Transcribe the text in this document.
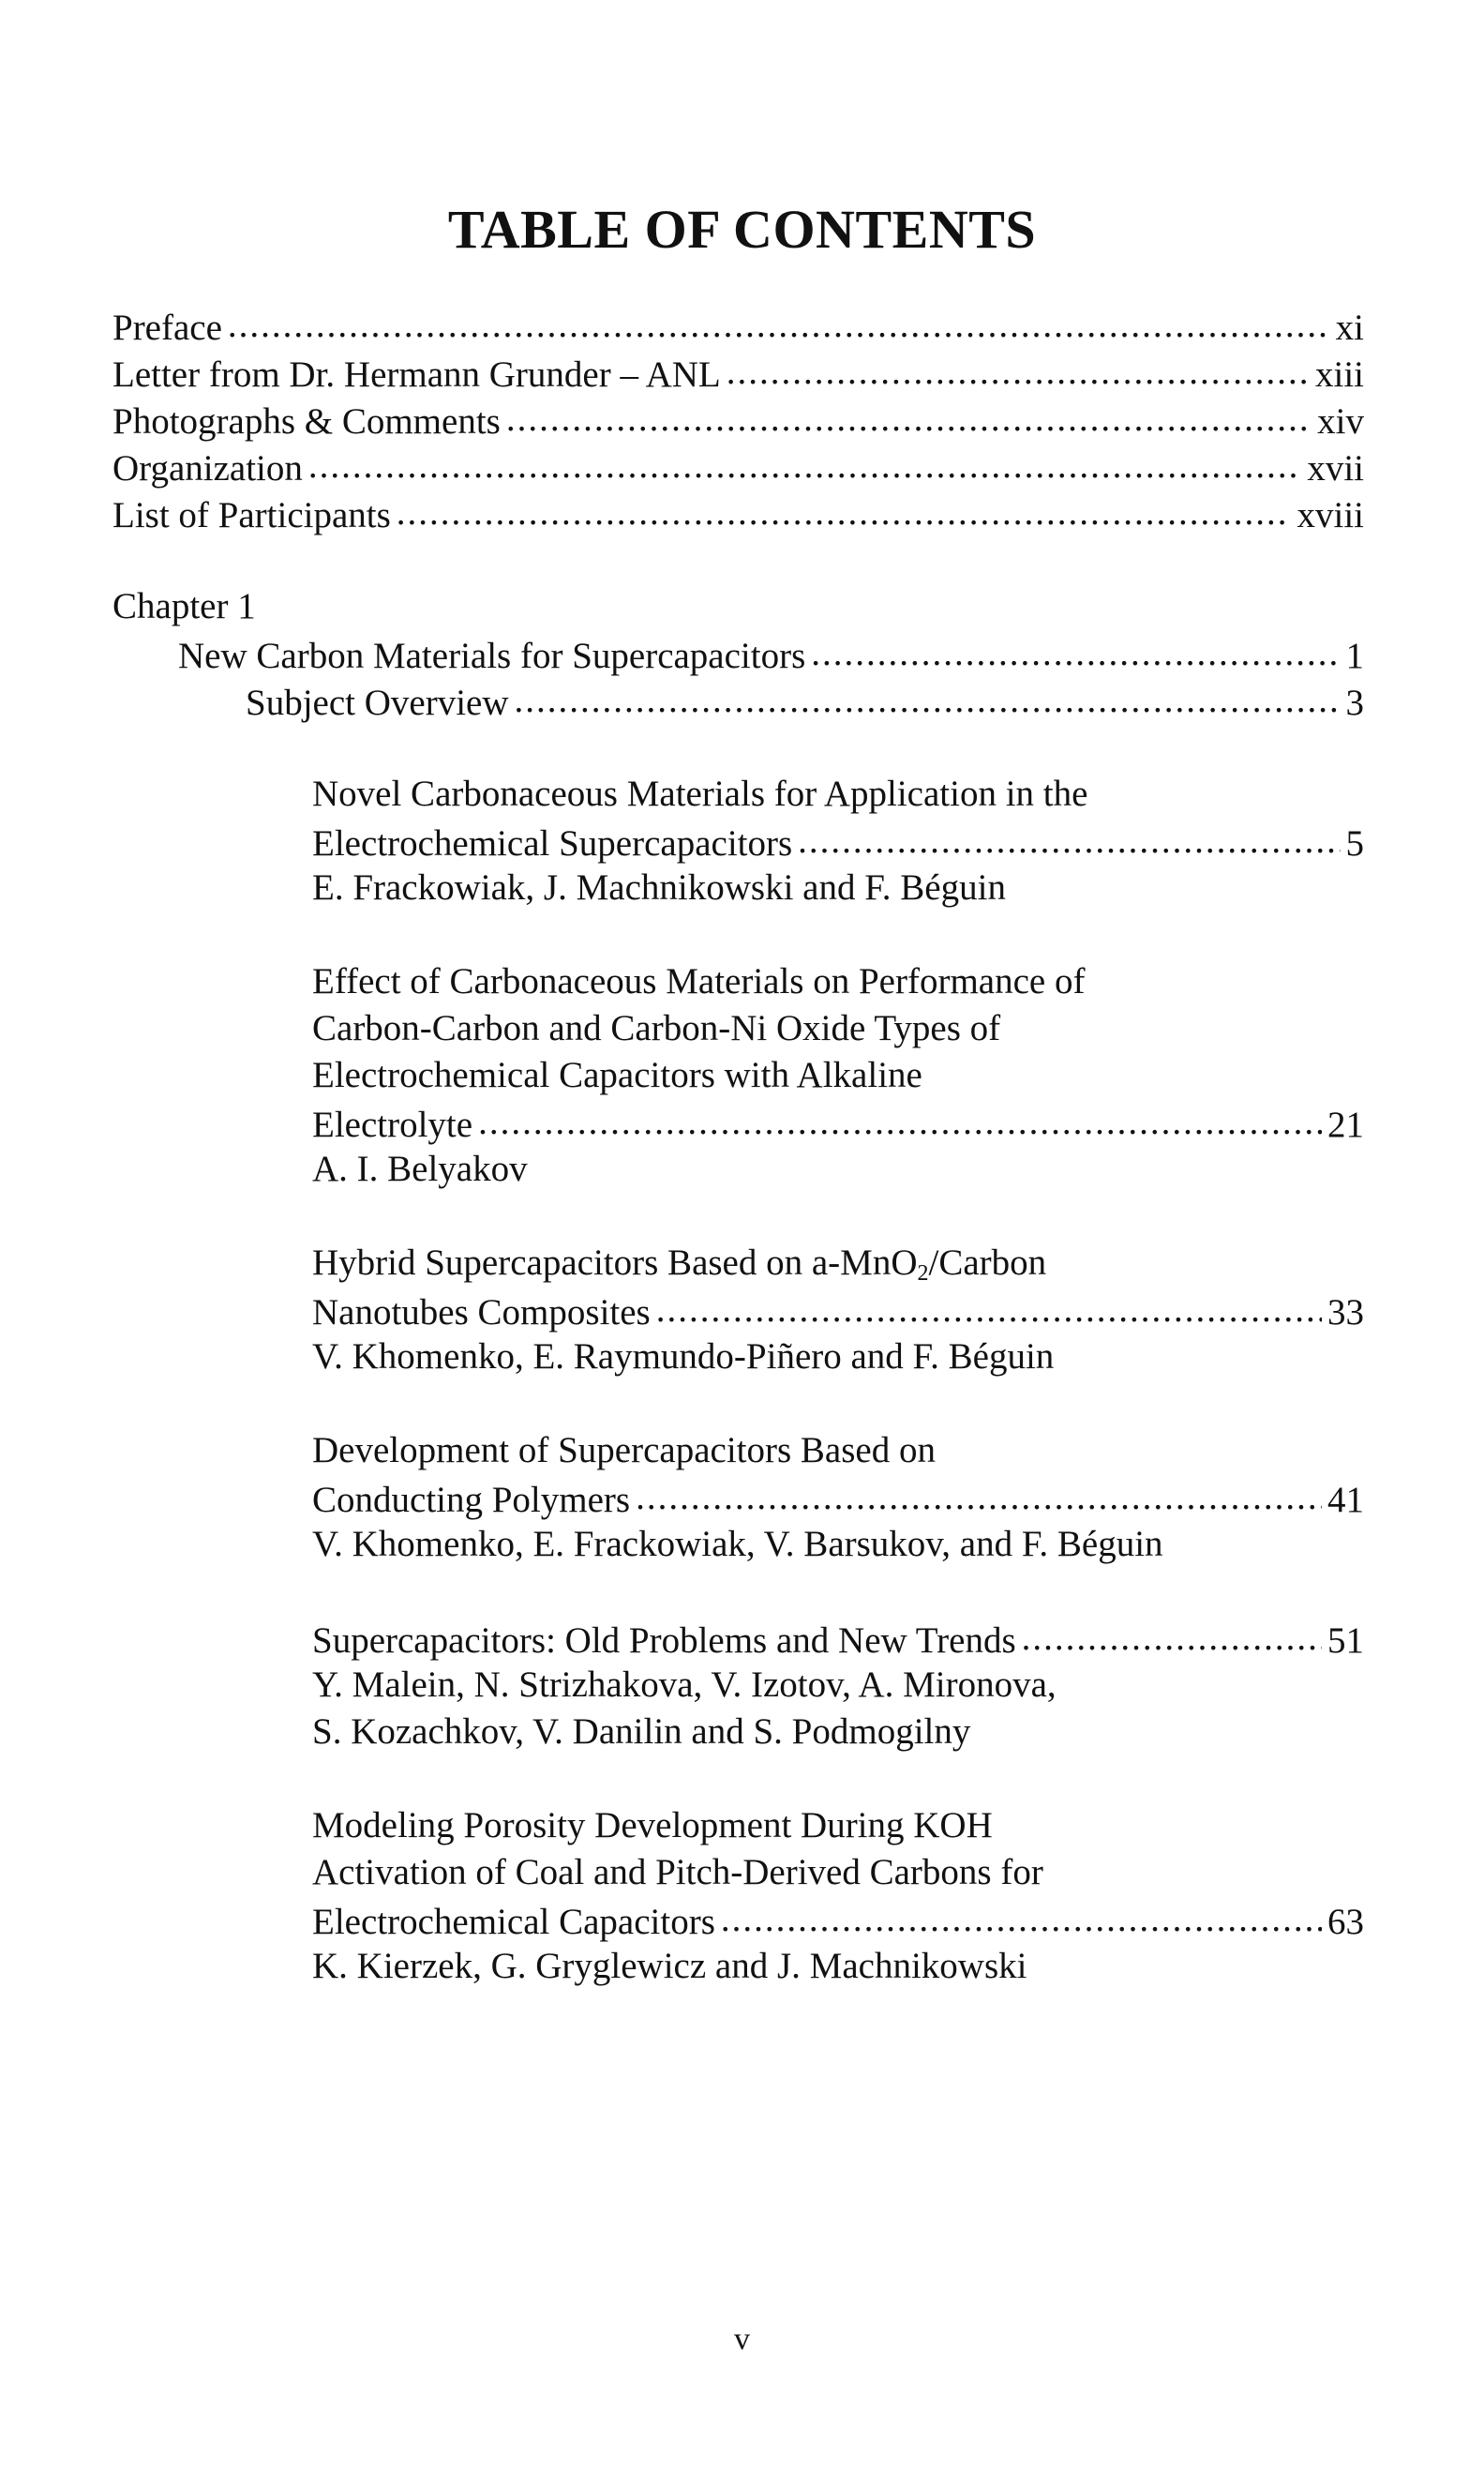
TABLE OF CONTENTS
Preface .....	xi
Letter from Dr. Hermann Grunder – ANL .....	xiii
Photographs & Comments .....	xiv
Organization .....	xvii
List of Participants .....	xviii
Chapter 1
New Carbon Materials for Supercapacitors .....	1
Subject Overview .....	3
Novel Carbonaceous Materials for Application in the
Electrochemical Supercapacitors .....	5
E. Frackowiak, J. Machnikowski and F. Béguin
Effect of Carbonaceous Materials on Performance of
Carbon-Carbon and Carbon-Ni Oxide Types of
Electrochemical Capacitors with Alkaline
Electrolyte .....	21
A. I. Belyakov
Hybrid Supercapacitors Based on a-MnO$_2$/Carbon
Nanotubes Composites .....	33
V. Khomenko, E. Raymundo-Piñero and F. Béguin
Development of Supercapacitors Based on
Conducting Polymers .....	41
V. Khomenko, E. Frackowiak, V. Barsukov, and F. Béguin
Supercapacitors: Old Problems and New Trends .....	51
Y. Malein, N. Strizhakova, V. Izotov, A. Mironova,
S. Kozachkov, V. Danilin and S. Podmogilny
Modeling Porosity Development During KOH
Activation of Coal and Pitch-Derived Carbons for
Electrochemical Capacitors .....	63
K. Kierzek, G. Gryglewicz and J. Machnikowski
v
